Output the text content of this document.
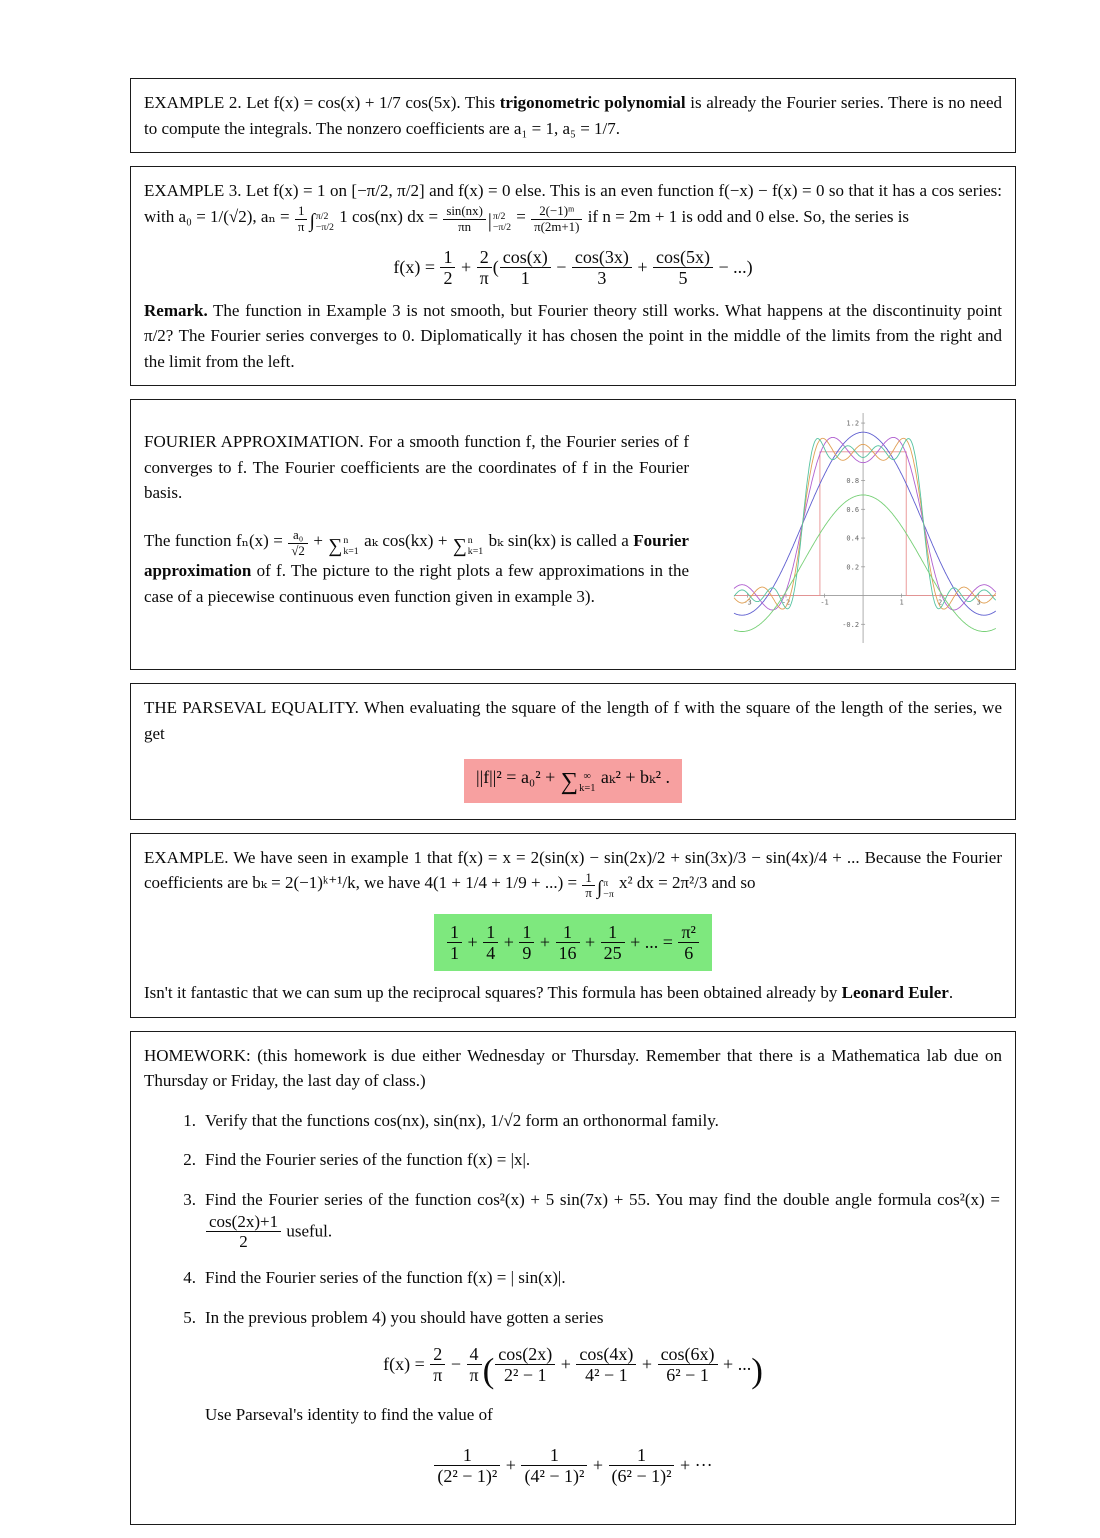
EXAMPLE 2. Let f(x) = cos(x) + 1/7 cos(5x). This trigonometric polynomial is already the Fourier series. There is no need to compute the integrals. The nonzero coefficients are a₁ = 1, a₅ = 1/7.

EXAMPLE 3. Let f(x) = 1 on [−π/2, π/2] and f(x) = 0 else. This is an even function f(−x) − f(x) = 0 so that it has a cos series: with a₀ = 1/(√2), $a_n = \frac{1}{\pi}$ ∫ π/2
−π/2
1 cos(nx) dx = $\frac{\sin(nx)}{\pi n}$ | π/2
−π/2
= $\frac{\text{2(−1)ᵐ}}{\pi(2m+1)}$ if n = 2m + 1 is odd and 0 else. So, the series is

$f(x) = \frac{1}{2} + \frac{2}{\pi}$ ( $\frac{\cos(x)}{1} - \frac{\cos(3x)}{3} + \frac{\cos(5x)}{5}$ − ...)

Remark. The function in Example 3 is not smooth, but Fourier theory still works. What happens at the discontinuity point π/2? The Fourier series converges to 0. Diplomatically it has chosen the point in the middle of the limits from the right and the limit from the left.

FOURIER APPROXIMATION. For a smooth function f, the Fourier series of f converges to f. The Fourier coefficients are the coordinates of f in the Fourier basis.

The function $f_n(x) = \frac{\text{a₀}}{√2}$ + ∑ n
k=1
aₖ cos(kx) + ∑ n
k=1
bₖ sin(kx) is called a Fourier approximation of f. The picture to the right plots a few approximations in the case of a piecewise continuous even function given in example 3).	-3	-2	-1	1	2	3
1.2
0.8
0.6
0.4
0.2
-0.2

THE PARSEVAL EQUALITY. When evaluating the square of the length of f with the square of the length of the series, we get

||f||² = a₀² + ∑ ∞
k=1
aₖ² + bₖ² .

EXAMPLE. We have seen in example 1 that f(x) = x = 2(sin(x) − sin(2x)/2 + sin(3x)/3 − sin(4x)/4 + ... Because the Fourier coefficients are bₖ = 2(−1)ᵏ⁺¹/k, we have 4(1 + 1/4 + 1/9 + ...) = $\frac{1}{\pi}$ ∫ π
−π
x² dx = 2π²/3 and so

$\frac{1}{1} + \frac{1}{4} + \frac{1}{9} + \frac{1}{16} + \frac{1}{25}$ + ... = $\frac{\text{π²}}{6}$

Isn't it fantastic that we can sum up the reciprocal squares? This formula has been obtained already by Leonard Euler.

HOMEWORK: (this homework is due either Wednesday or Thursday. Remember that there is a Mathematica lab due on Thursday or Friday, the last day of class.)

1. Verify that the functions cos(nx), sin(nx), 1/√2 form an orthonormal family.
2. Find the Fourier series of the function f(x) = |x|.
3. Find the Fourier series of the function cos²(x) + 5 sin(7x) + 55. You may find the double angle formula cos²(x) =
$\frac{\cos(2x)+1}{2}$ useful.
4. Find the Fourier series of the function f(x) = | sin(x)|.
5. In the previous problem 4) you should have gotten a series
$f(x) = \frac{2}{\pi} - \frac{4}{\pi}$ ( $\frac{\cos(2x)}{\text{2² − 1}} + \frac{\cos(4x)}{\text{4² − 1}} + \frac{\cos(6x)}{\text{6² − 1}}$ + ...)

Use Parseval's identity to find the value of

$\frac{1}{\text{(2² − 1)²}} + \frac{1}{\text{(4² − 1)²}} + \frac{1}{\text{(6² − 1)²}}$ + ···
